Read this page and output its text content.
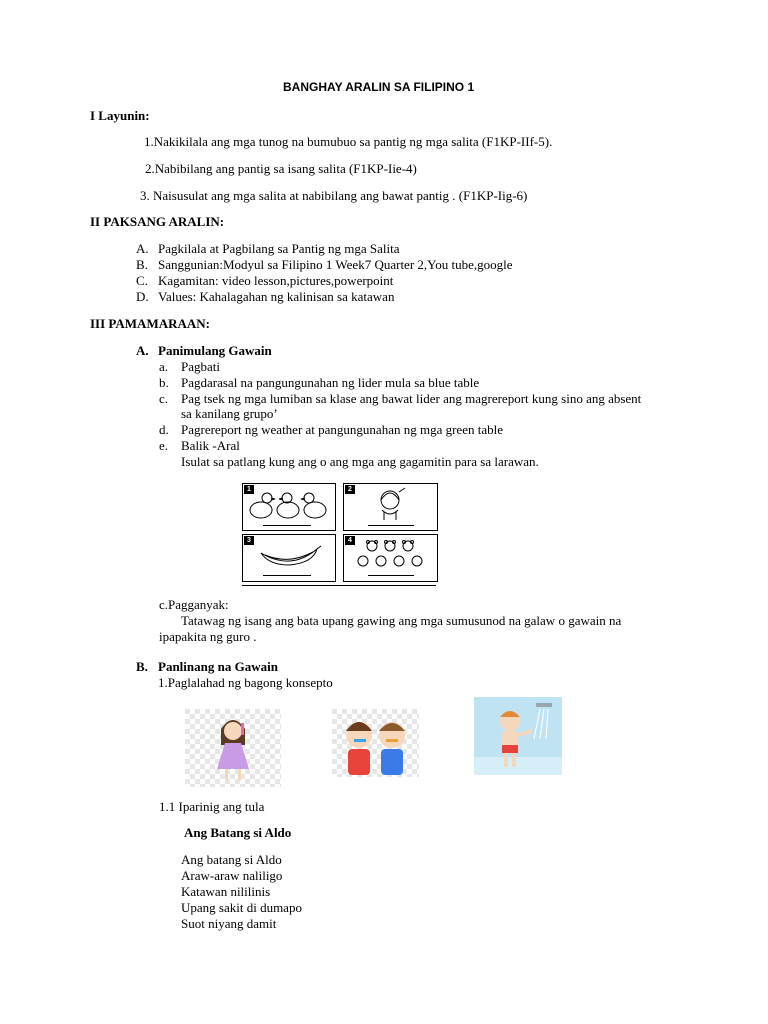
BANGHAY ARALIN SA FILIPINO 1
I Layunin:
1.Nakikilala ang mga tunog na bumubuo sa pantig ng mga salita (F1KP-IIf-5).
2.Nabibilang ang pantig sa isang salita (F1KP-Iie-4)
3. Naisusulat ang mga salita at nabibilang ang bawat pantig . (F1KP-Iig-6)
II PAKSANG ARALIN:
A. Pagkilala at Pagbilang sa Pantig ng mga Salita
B. Sanggunian:Modyul sa Filipino 1 Week7 Quarter 2,You tube,google
C. Kagamitan: video lesson,pictures,powerpoint
D. Values: Kahalagahan ng kalinisan sa katawan
III PAMAMARAAN:
A. Panimulang Gawain
a. Pagbati
b. Pagdarasal na pangungunahan ng lider mula sa blue table
c. Pag tsek ng mga lumiban sa klase ang bawat lider ang magrereport kung sino ang absent
sa kanilang grupo’
d. Pagrereport ng weather at pangungunahan ng mga green table
e. Balik -Aral
Isulat sa patlang kung ang o ang mga ang gagamitin para sa larawan.
1	2
3	4
c.Pagganyak:
Tatawag ng isang ang bata upang gawing ang mga sumusunod na galaw o gawain na
ipapakita ng guro .
B. Panlinang na Gawain
1.Paglalahad ng bagong konsepto
1.1 Iparinig ang tula
Ang Batang si Aldo
Ang batang si Aldo
Araw-araw naliligo
Katawan nililinis
Upang sakit di dumapo
Suot niyang damit
